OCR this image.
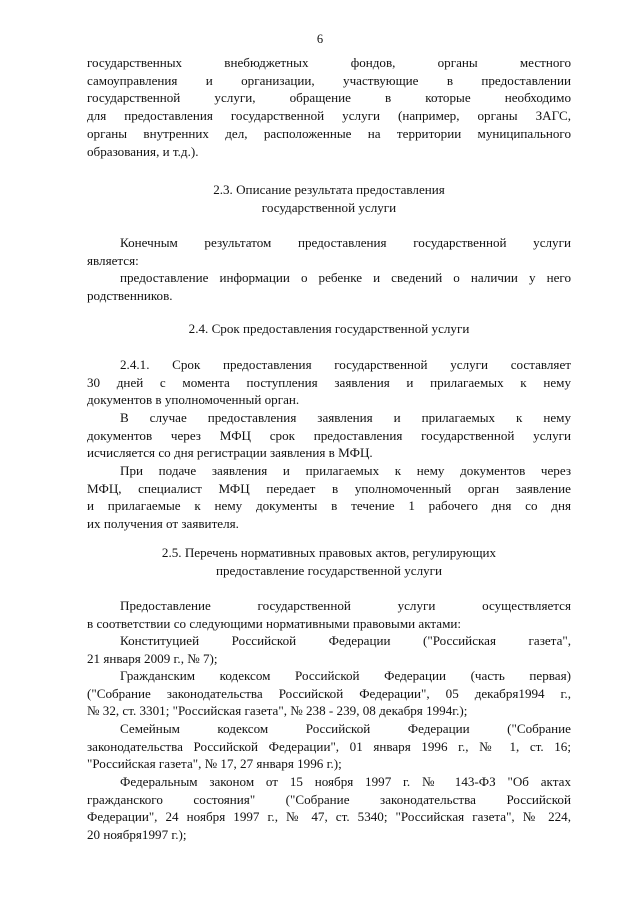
6
государственных внебюджетных фондов, органы местного
самоуправления и организации, участвующие в предоставлении
государственной услуги, обращение в которые необходимо
для предоставления государственной услуги (например, органы ЗАГС,
органы внутренних дел, расположенные на территории муниципального
образования, и т.д.).
2.3. Описание результата предоставления
государственной услуги
Конечным результатом предоставления государственной услуги
является:
предоставление информации о ребенке и сведений о наличии у него
родственников.
2.4. Срок предоставления государственной услуги
2.4.1. Срок предоставления государственной услуги составляет
30 дней с момента поступления заявления и прилагаемых к нему
документов в уполномоченный орган.
В случае предоставления заявления и прилагаемых к нему
документов через МФЦ срок предоставления государственной услуги
исчисляется со дня регистрации заявления в МФЦ.
При подаче заявления и прилагаемых к нему документов через
МФЦ, специалист МФЦ передает в уполномоченный орган заявление
и прилагаемые к нему документы в течение 1 рабочего дня со дня
их получения от заявителя.
2.5. Перечень нормативных правовых актов, регулирующих
предоставление государственной услуги
Предоставление государственной услуги осуществляется
в соответствии со следующими нормативными правовыми актами:
Конституцией Российской Федерации ("Российская газета",
21 января 2009 г., № 7);
Гражданским кодексом Российской Федерации (часть первая)
("Собрание законодательства Российской Федерации", 05 декабря1994 г.,
№ 32, ст. 3301; "Российская газета", № 238 - 239, 08 декабря 1994г.);
Семейным кодексом Российской Федерации ("Собрание
законодательства Российской Федерации", 01 января 1996 г., № 1, ст. 16;
"Российская газета", № 17, 27 января 1996 г.);
Федеральным законом от 15 ноября 1997 г. № 143-ФЗ "Об актах
гражданского состояния" ("Собрание законодательства Российской
Федерации", 24 ноября 1997 г., № 47, ст. 5340; "Российская газета", № 224,
20 ноября1997 г.);
